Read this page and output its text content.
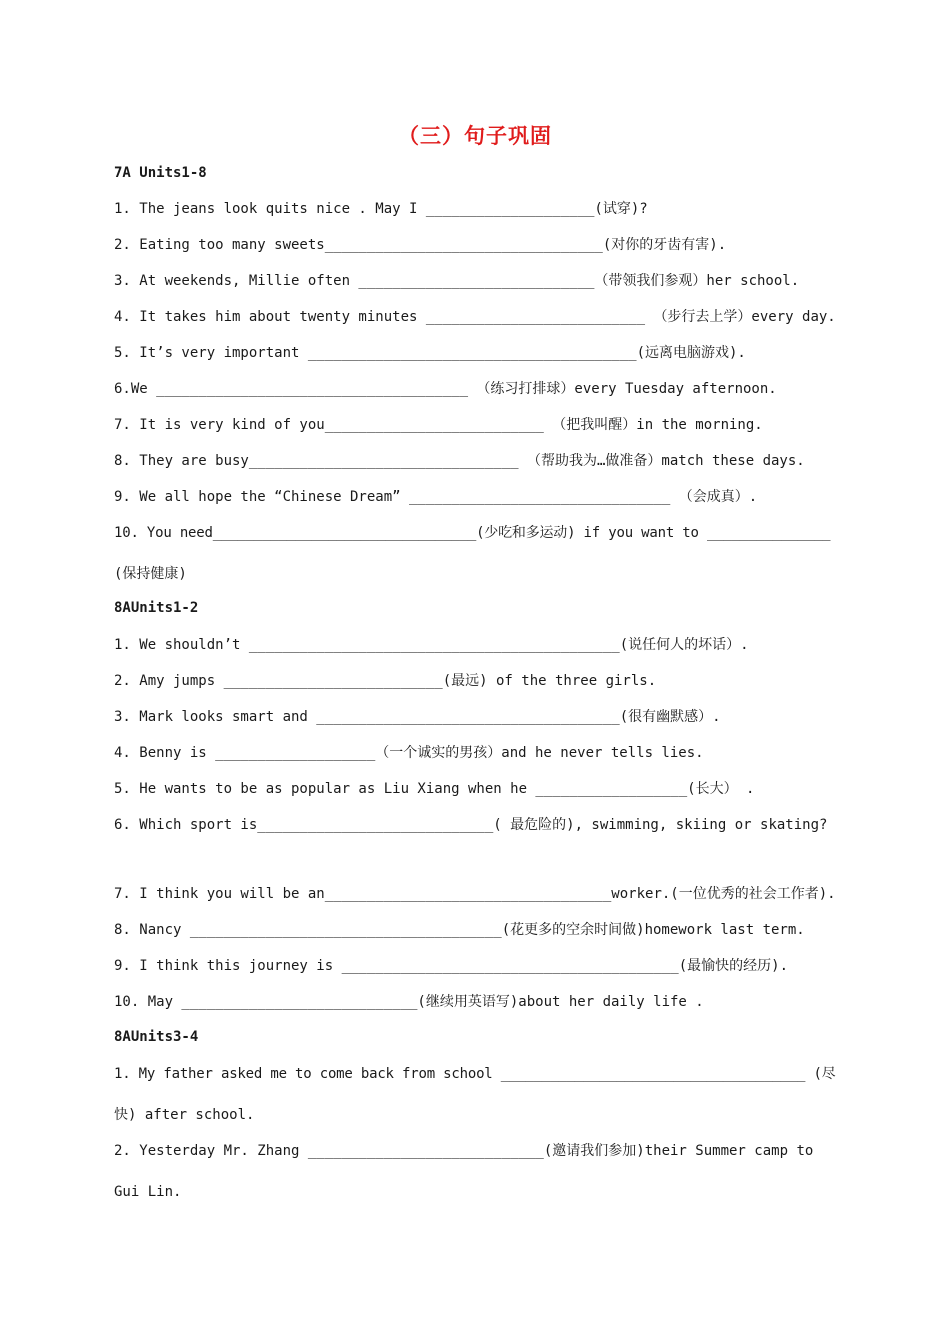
（三）句子巩固
7A Units1-8
1. The jeans look quits nice . May I ____________________(试穿)?
2. Eating too many sweets_________________________________(对你的牙齿有害).
3. At weekends, Millie often ____________________________（带领我们参观）her school.
4. It takes him about twenty minutes __________________________ （步行去上学）every day.
5. It’s very important _______________________________________(远离电脑游戏).
6.We _____________________________________ （练习打排球）every Tuesday afternoon.
7. It is very kind of you__________________________ （把我叫醒）in the morning.
8. They are busy________________________________ （帮助我为…做准备）match these days.
9. We all hope the “Chinese Dream” _______________________________ （会成真）.
10. You need________________________________(少吃和多运动) if you want to _______________
(保持健康)
8AUnits1-2
1. We shouldn’t ____________________________________________(说任何人的坏话）.
2. Amy jumps __________________________(最远) of the three girls.
3. Mark looks smart and ____________________________________(很有幽默感）.
4. Benny is ___________________（一个诚实的男孩）and he never tells lies.
5. He wants to be as popular as Liu Xiang when he __________________(长大） .
6. Which sport is____________________________( 最危险的), swimming, skiing or skating?
7. I think you will be an__________________________________worker.(一位优秀的社会工作者).
8. Nancy _____________________________________(花更多的空余时间做)homework last term.
9. I think this journey is ________________________________________(最愉快的经历).
10. May ____________________________(继续用英语写)about her daily life .
8AUnits3-4
1. My father asked me to come back from school _____________________________________ (尽
快) after school.
2. Yesterday Mr. Zhang ____________________________(邀请我们参加)their Summer camp to
Gui Lin.
